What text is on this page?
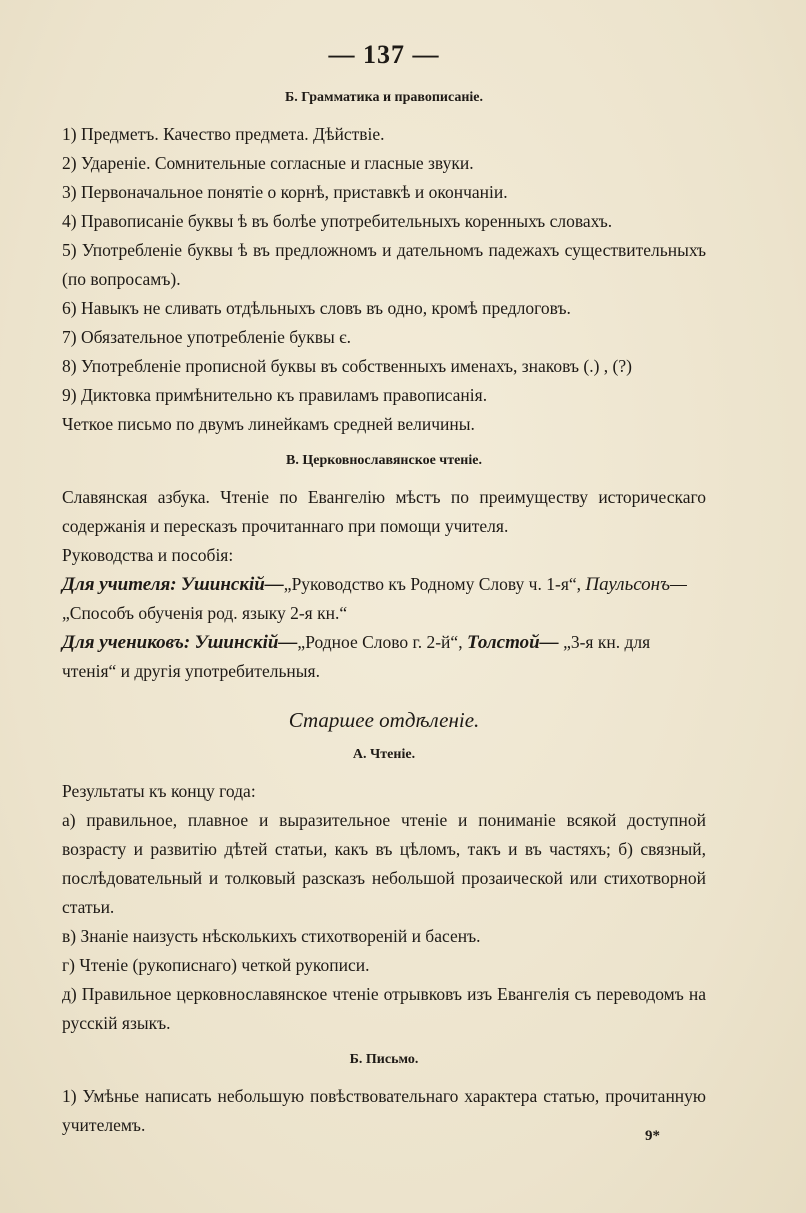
— 137 —
Б. Грамматика и правописаніе.

1) Предметъ. Качество предмета. Дѣйствіе.

2) Удареніе. Сомнительные согласные и гласные звуки.

3) Первоначальное понятіе о корнѣ, приставкѣ и окончаніи.

4) Правописаніе буквы ѣ въ болѣе употребительныхъ коренныхъ словахъ.

5) Употребленіе буквы ѣ въ предложномъ и дательномъ падежахъ существительныхъ (по вопросамъ).

6) Навыкъ не сливать отдѣльныхъ словъ въ одно, кромѣ предлоговъ.

7) Обязательное употребленіе буквы є.

8) Употребленіе прописной буквы въ собственныхъ именахъ, знаковъ (.) , (?)

9) Диктовка примѣнительно къ правиламъ правописанія.

Четкое письмо по двумъ линейкамъ средней величины.

В. Церковнославянское чтеніе.

Славянская азбука. Чтеніе по Евангелію мѣстъ по преимуществу историческаго содержанія и пересказъ прочитаннаго при помощи учителя.

Руководства и пособія:

Для учителя: Ушинскій—„Руководство къ Родному Слову ч. 1-я“, Паульсонъ—„Способъ обученія род. языку 2-я кн.“

Для учениковъ: Ушинскій—„Родное Слово г. 2-й“, Толстой— „3-я кн. для чтенія“ и другія употребительныя.

Старшее отдѣленіе.
А. Чтеніе.

Результаты къ концу года:

а) правильное, плавное и выразительное чтеніе и пониманіе всякой доступной возрасту и развитію дѣтей статьи, какъ въ цѣломъ, такъ и въ частяхъ; б) связный, послѣдовательный и толковый разсказъ небольшой прозаической или стихотворной статьи.

в) Знаніе наизусть нѣсколькихъ стихотвореній и басенъ.

г) Чтеніе (рукописнаго) четкой рукописи.

д) Правильное церковнославянское чтеніе отрывковъ изъ Евангелія съ переводомъ на русскій языкъ.

Б. Письмо.

1) Умѣнье написать небольшую повѣствовательнаго характера статью, прочитанную учителемъ.

9*
